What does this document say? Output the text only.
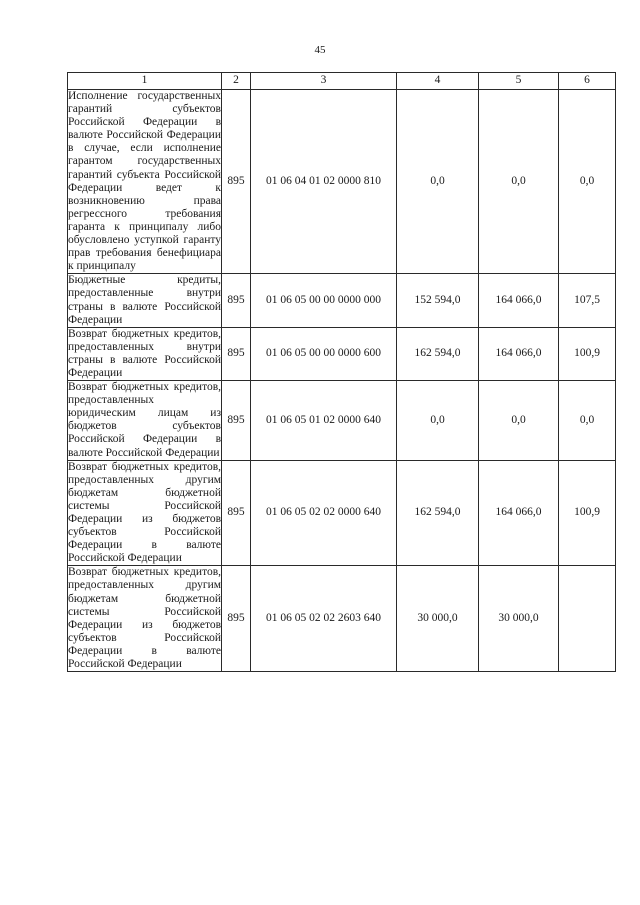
45
1	2	3	4	5	6
Исполнение государственных гарантий субъектов Российской Федерации в валюте Российской Федерации в случае, если исполнение гарантом государственных гарантий субъекта Российской Федерации ведет к возникновению права регрессного требования гаранта к принципалу либо обусловлено уступкой гаранту прав требования бенефициара к принципалу	895	01 06 04 01 02 0000 810	0,0	0,0	0,0
Бюджетные кредиты, предоставленные внутри страны в валюте Российской Федерации	895	01 06 05 00 00 0000 000	152 594,0	164 066,0	107,5
Возврат бюджетных кредитов, предоставленных внутри страны в валюте Российской Федерации	895	01 06 05 00 00 0000 600	162 594,0	164 066,0	100,9
Возврат бюджетных кредитов, предоставленных юридическим лицам из бюджетов субъектов Российской Федерации в валюте Российской Федерации	895	01 06 05 01 02 0000 640	0,0	0,0	0,0
Возврат бюджетных кредитов, предоставленных другим бюджетам бюджетной системы Российской Федерации из бюджетов субъектов Российской Федерации в валюте Российской Федерации	895	01 06 05 02 02 0000 640	162 594,0	164 066,0	100,9
Возврат бюджетных кредитов, предоставленных другим бюджетам бюджетной системы Российской Федерации из бюджетов субъектов Российской Федерации в валюте Российской Федерации	895	01 06 05 02 02 2603 640	30 000,0	30 000,0	
